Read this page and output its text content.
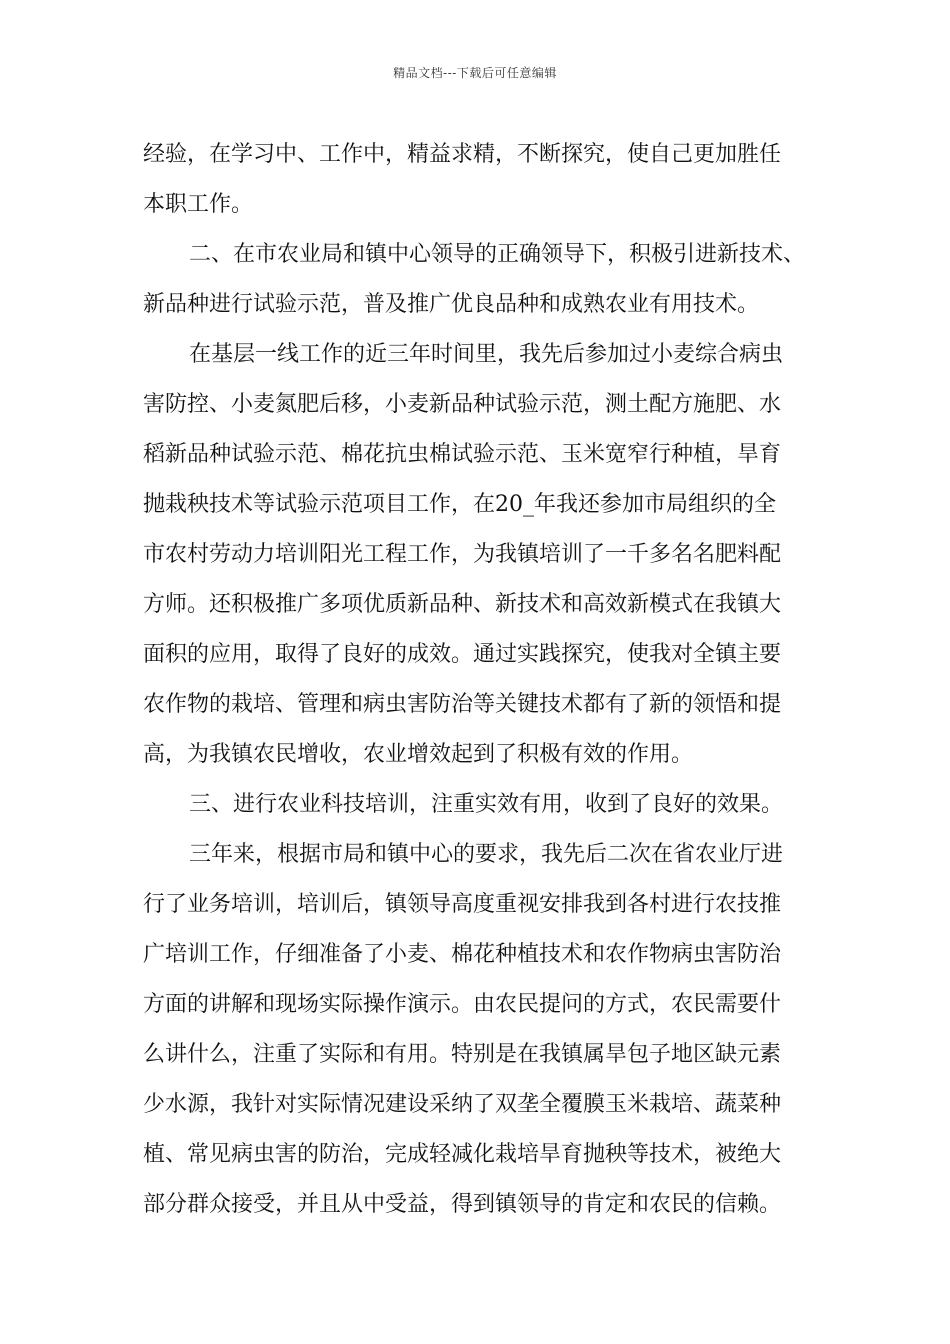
精品文档---下载后可任意编辑
经验，在学习中、工作中，精益求精，不断探究，使自己更加胜任
本职工作。
二、在市农业局和镇中心领导的正确领导下，积极引进新技术、
新品种进行试验示范，普及推广优良品种和成熟农业有用技术。
在基层一线工作的近三年时间里，我先后参加过小麦综合病虫
害防控、小麦氮肥后移，小麦新品种试验示范，测土配方施肥、水
稻新品种试验示范、棉花抗虫棉试验示范、玉米宽窄行种植，旱育
抛栽秧技术等试验示范项目工作，在20_年我还参加市局组织的全
市农村劳动力培训阳光工程工作，为我镇培训了一千多名名肥料配
方师。还积极推广多项优质新品种、新技术和高效新模式在我镇大
面积的应用，取得了良好的成效。通过实践探究，使我对全镇主要
农作物的栽培、管理和病虫害防治等关键技术都有了新的领悟和提
高，为我镇农民增收，农业增效起到了积极有效的作用。
三、进行农业科技培训，注重实效有用，收到了良好的效果。
三年来，根据市局和镇中心的要求，我先后二次在省农业厅进
行了业务培训，培训后，镇领导高度重视安排我到各村进行农技推
广培训工作，仔细准备了小麦、棉花种植技术和农作物病虫害防治
方面的讲解和现场实际操作演示。由农民提问的方式，农民需要什
么讲什么，注重了实际和有用。特别是在我镇属旱包子地区缺元素
少水源，我针对实际情况建设采纳了双垄全覆膜玉米栽培、蔬菜种
植、常见病虫害的防治，完成轻减化栽培旱育抛秧等技术，被绝大
部分群众接受，并且从中受益，得到镇领导的肯定和农民的信赖。
